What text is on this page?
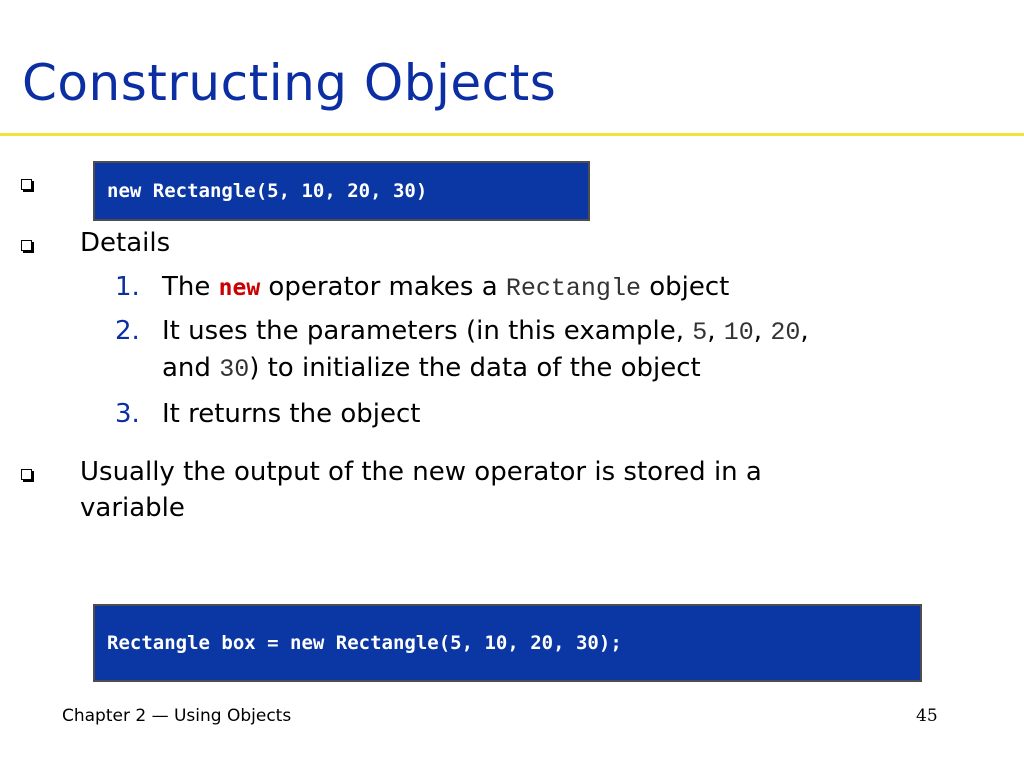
Constructing Objects
new Rectangle(5, 10, 20, 30)
Details
1. The new operator makes a Rectangle object
2. It uses the parameters (in this example, 5, 10, 20,
and 30) to initialize the data of the object
3. It returns the object
Usually the output of the new operator is stored in a
variable
Rectangle box = new Rectangle(5, 10, 20, 30);
Chapter 2 — Using Objects	45
